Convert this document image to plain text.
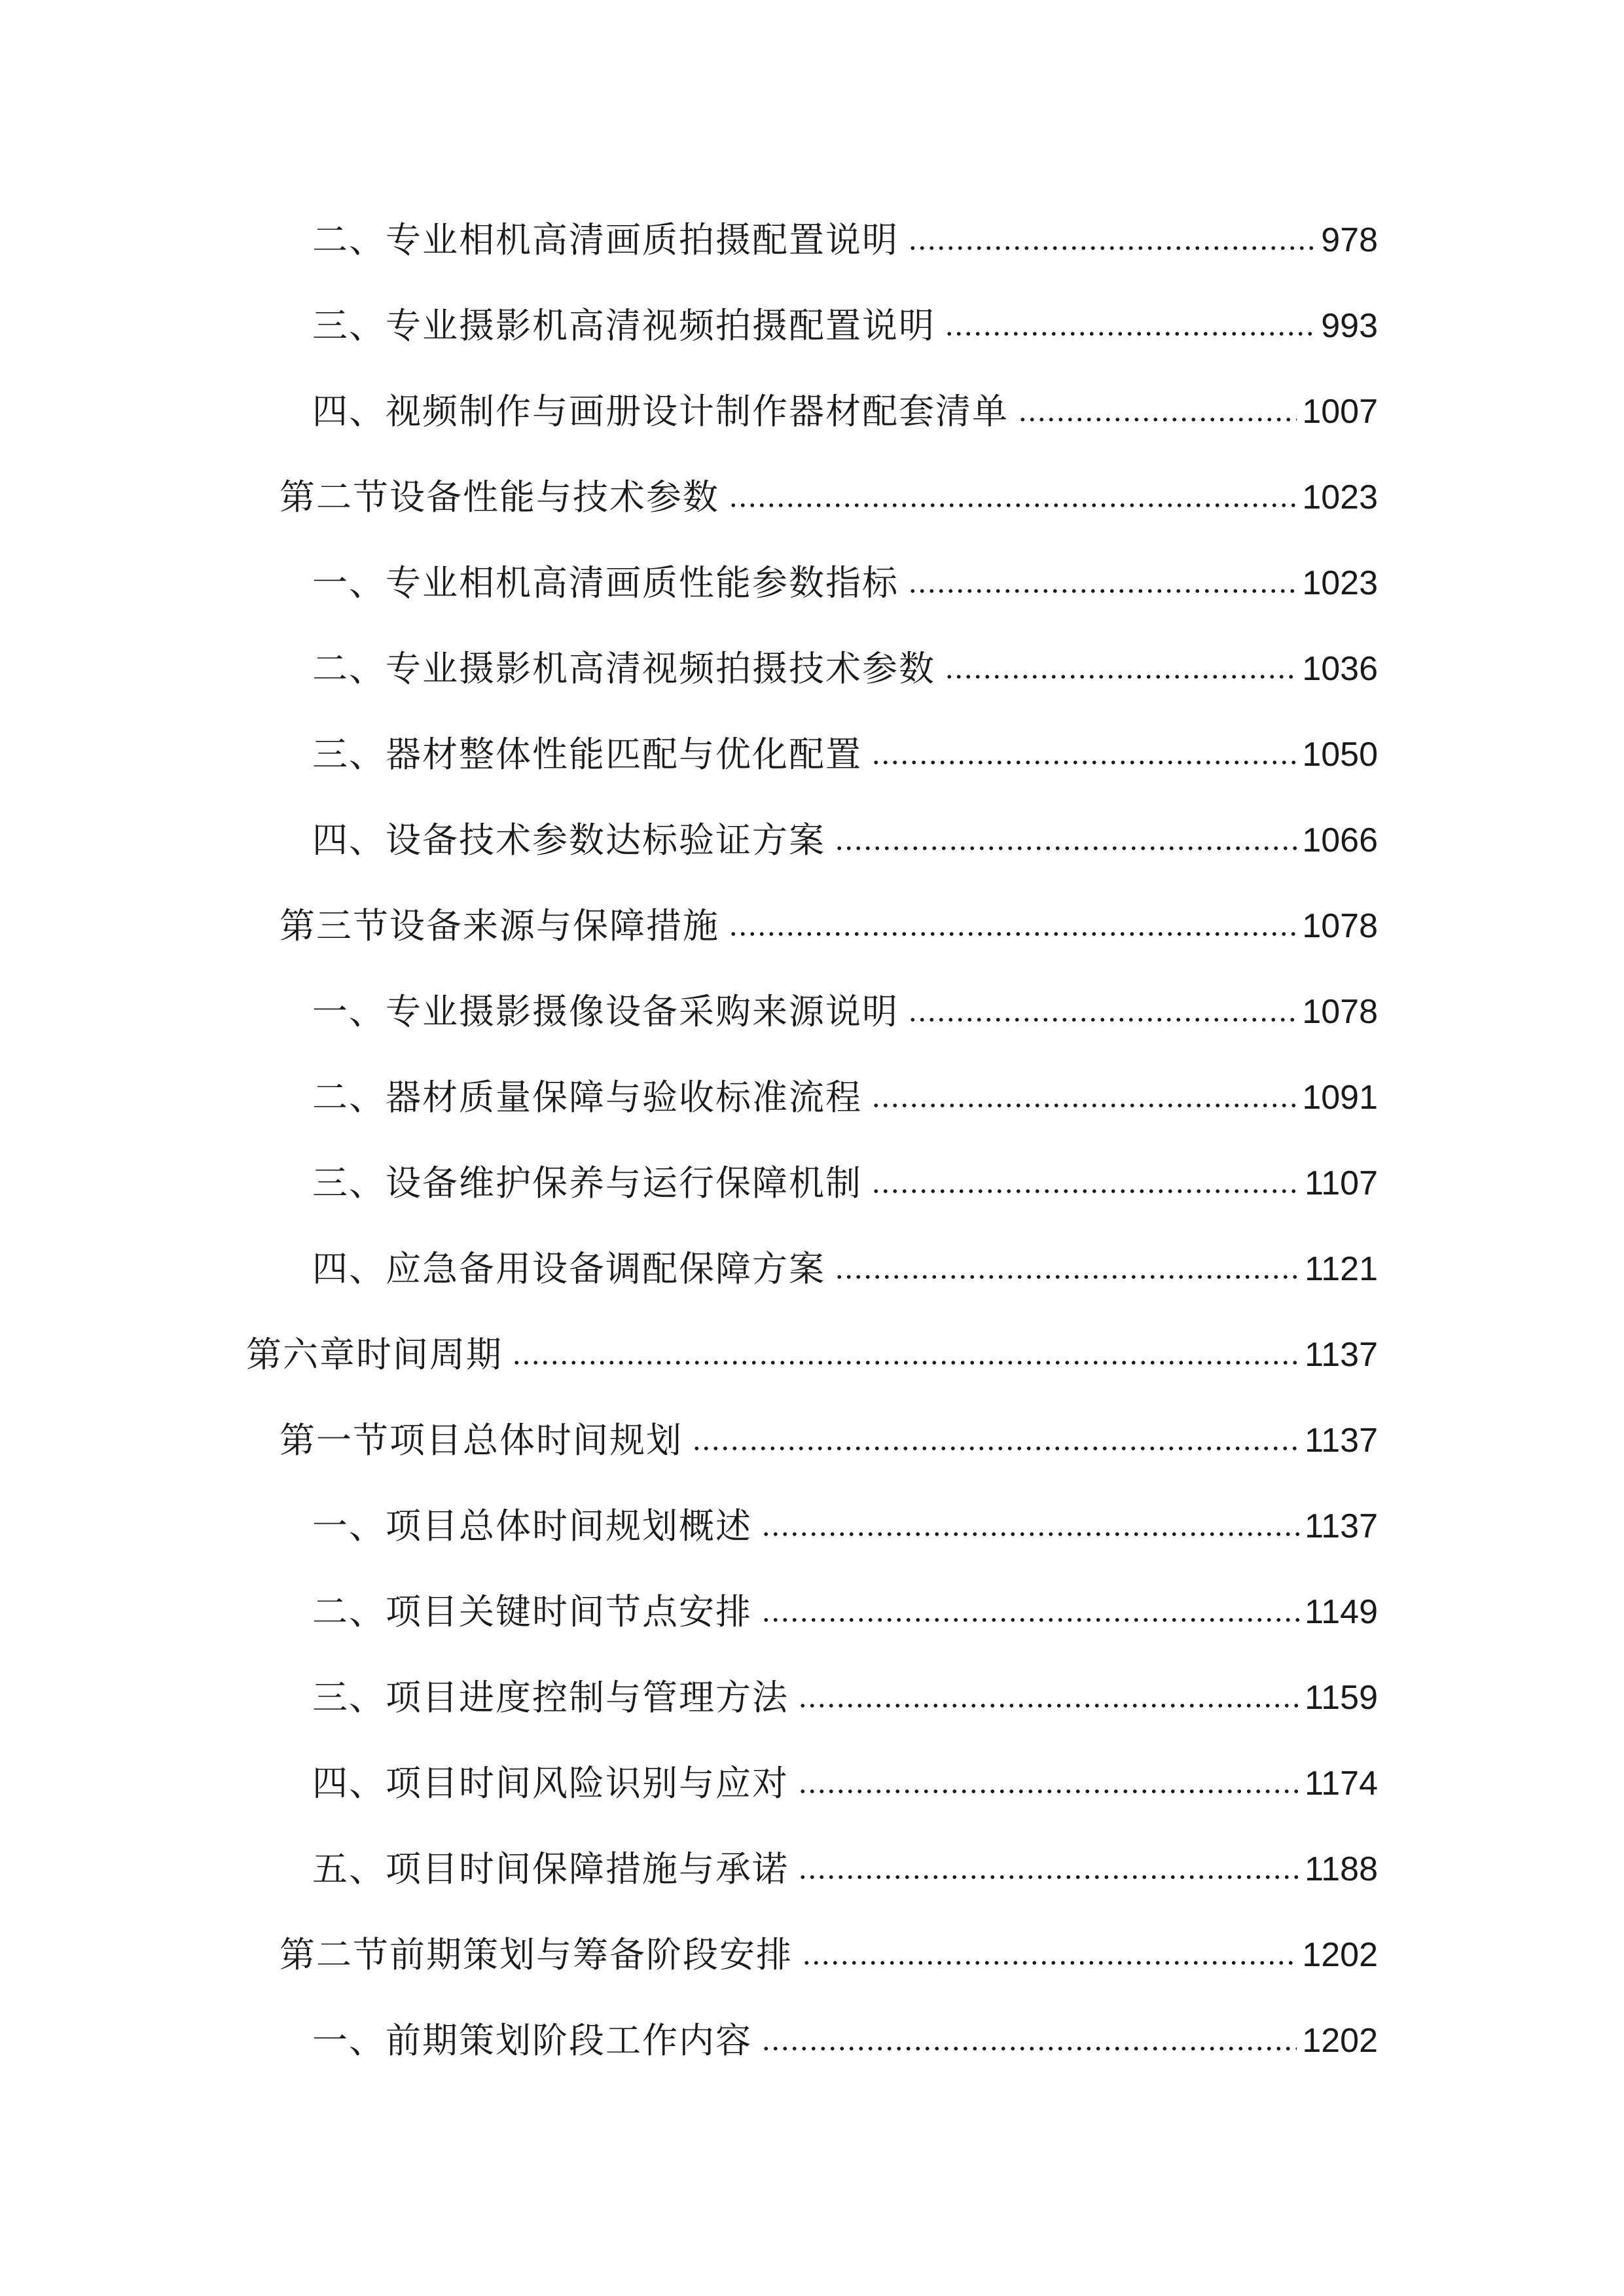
二、专业相机高清画质拍摄配置说明	978
三、专业摄影机高清视频拍摄配置说明	993
四、视频制作与画册设计制作器材配套清单	1007
第二节设备性能与技术参数	1023
一、专业相机高清画质性能参数指标	1023
二、专业摄影机高清视频拍摄技术参数	1036
三、器材整体性能匹配与优化配置	1050
四、设备技术参数达标验证方案	1066
第三节设备来源与保障措施	1078
一、专业摄影摄像设备采购来源说明	1078
二、器材质量保障与验收标准流程	1091
三、设备维护保养与运行保障机制	1107
四、应急备用设备调配保障方案	1121
第六章时间周期	1137
第一节项目总体时间规划	1137
一、项目总体时间规划概述	1137
二、项目关键时间节点安排	1149
三、项目进度控制与管理方法	1159
四、项目时间风险识别与应对	1174
五、项目时间保障措施与承诺	1188
第二节前期策划与筹备阶段安排	1202
一、前期策划阶段工作内容	1202
